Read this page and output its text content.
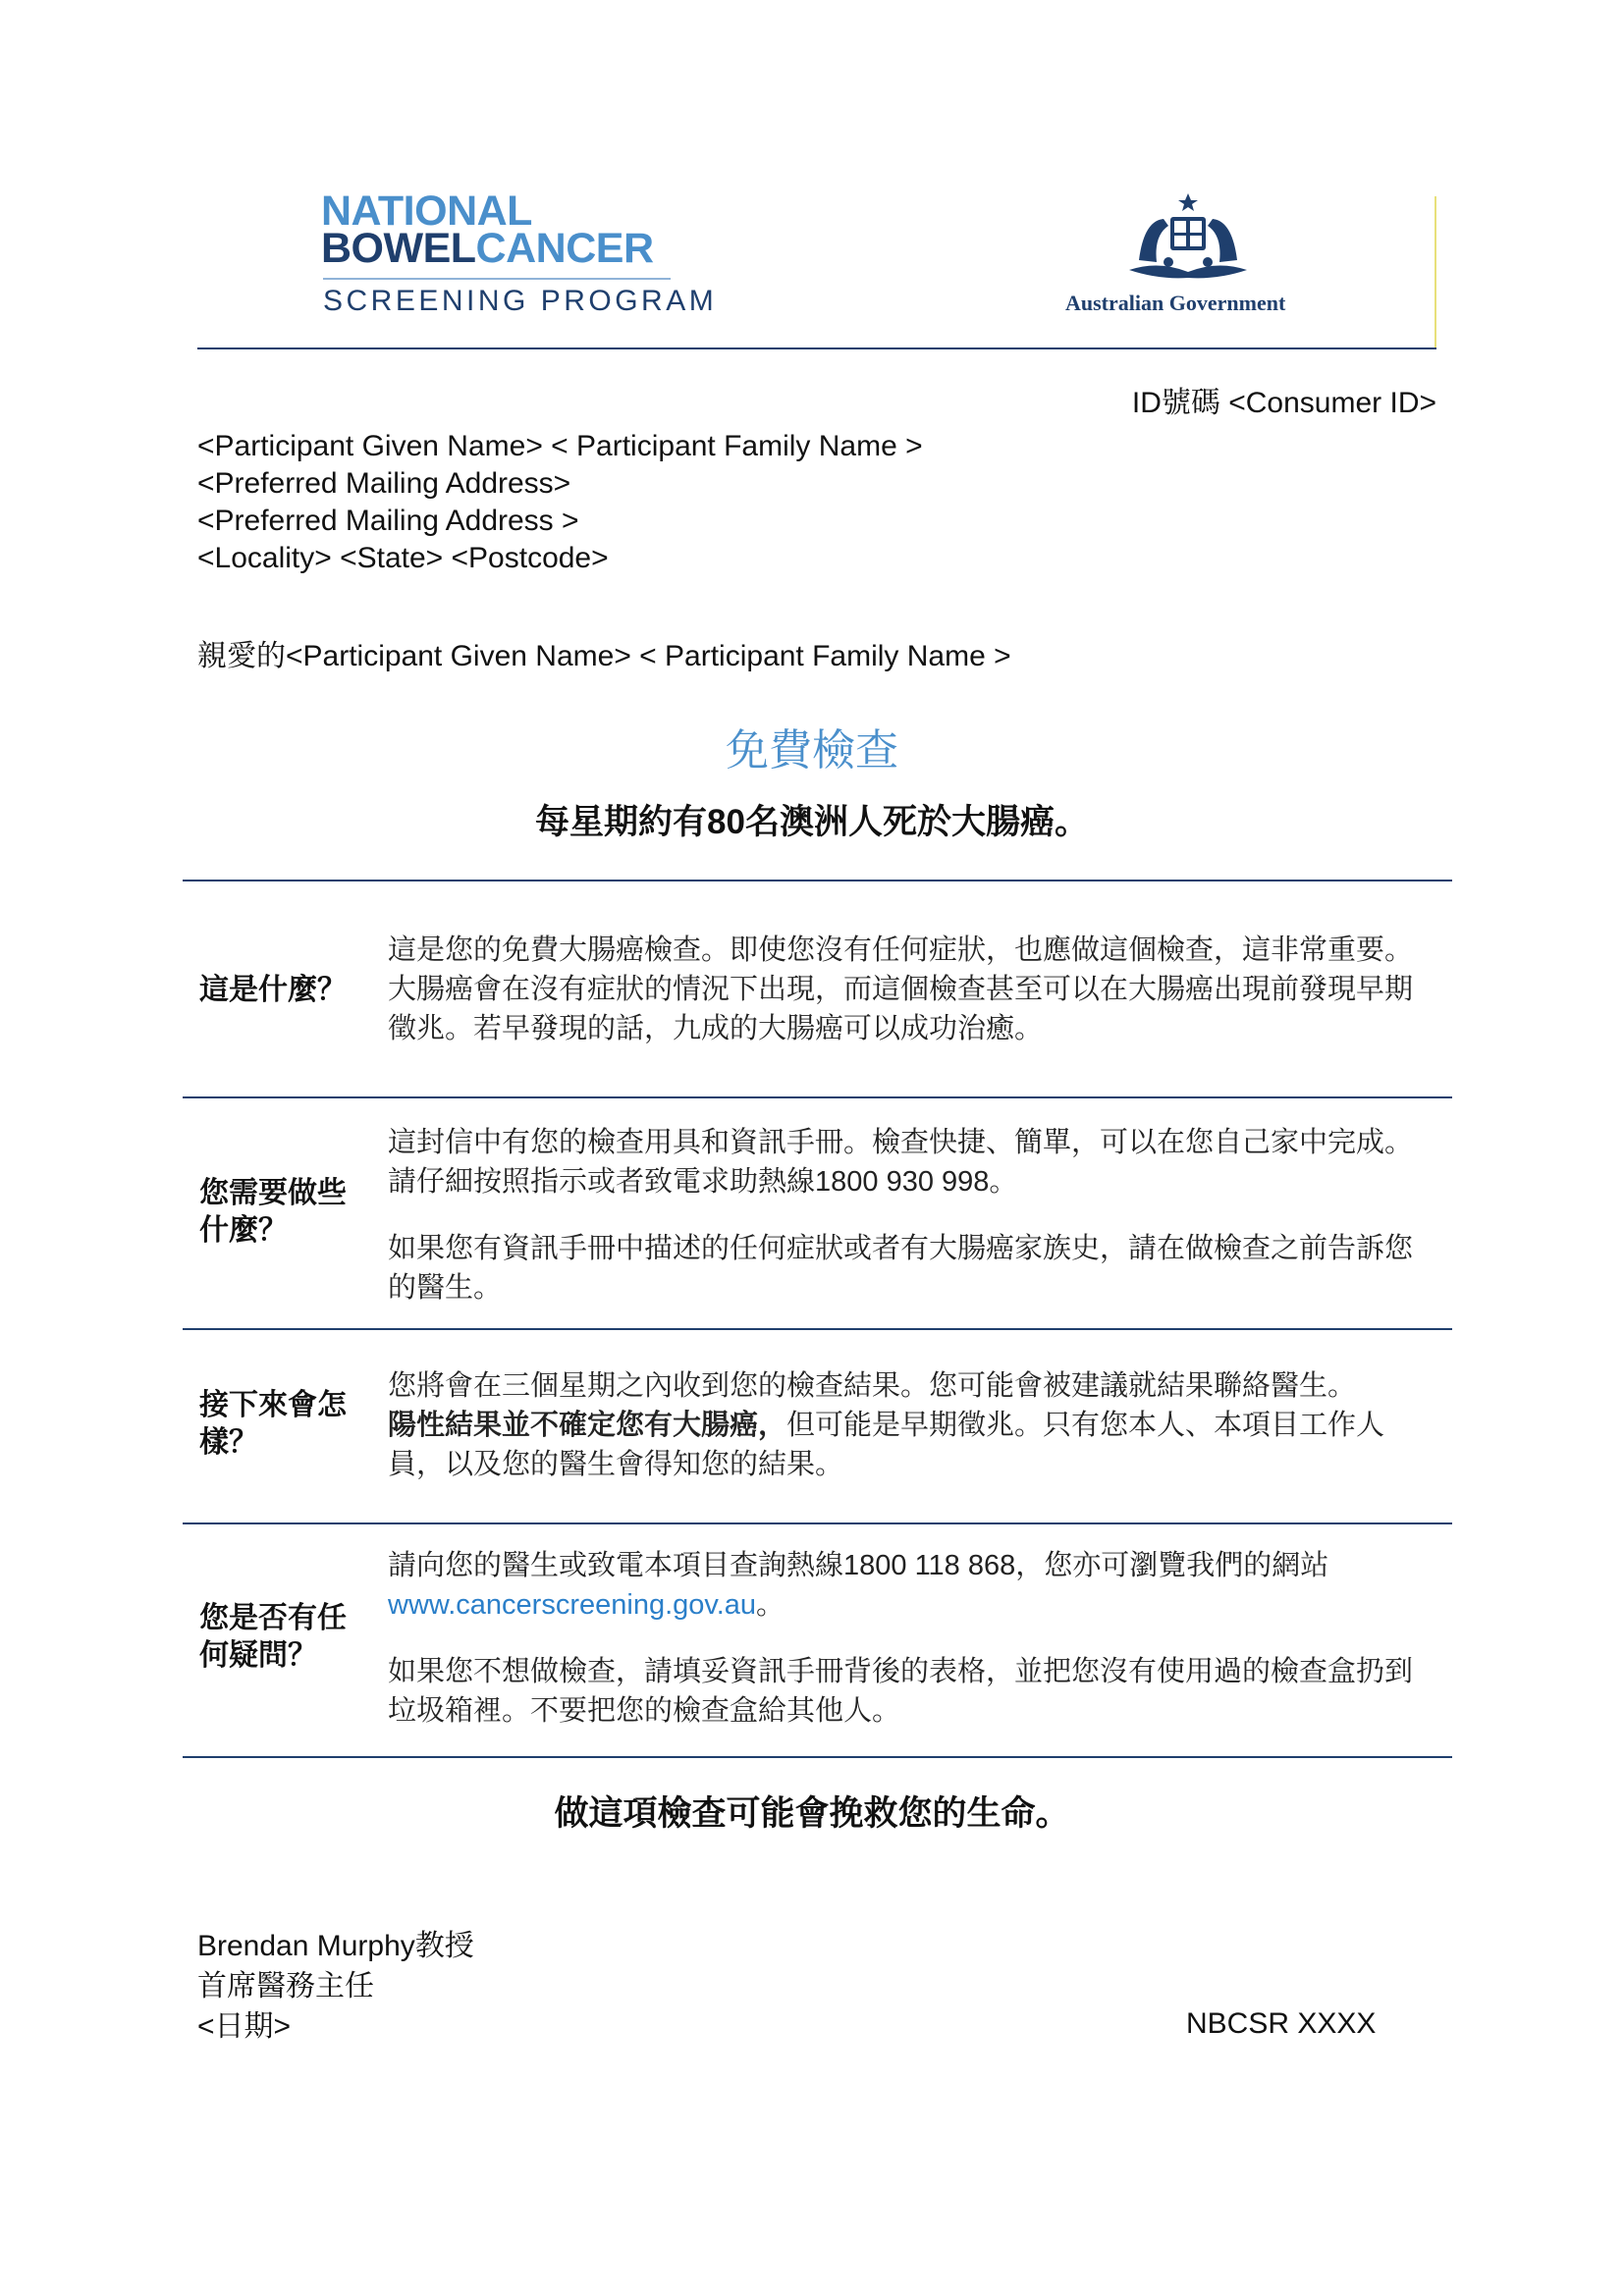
NATIONAL
BOWELCANCER
SCREENING PROGRAM	Australian Government
ID號碼 <Consumer ID>
<Participant Given Name> < Participant Family Name >
<Preferred Mailing Address>
<Preferred Mailing Address >
<Locality> <State> <Postcode>
親愛的<Participant Given Name> < Participant Family Name >
免費檢查
每星期約有80名澳洲人死於大腸癌。
這是什麼？

這是您的免費大腸癌檢查。即使您沒有任何症狀，也應做這個檢查，這非常重要。大腸癌會在沒有症狀的情況下出現，而這個檢查甚至可以在大腸癌出現前發現早期徵兆。若早發現的話，九成的大腸癌可以成功治癒。

您需要做些什麼？

這封信中有您的檢查用具和資訊手冊。檢查快捷、簡單，可以在您自己家中完成。請仔細按照指示或者致電求助熱線1800 930 998。

如果您有資訊手冊中描述的任何症狀或者有大腸癌家族史，請在做檢查之前告訴您的醫生。

接下來會怎樣？

您將會在三個星期之內收到您的檢查結果。您可能會被建議就結果聯絡醫生。

陽性結果並不確定您有大腸癌，但可能是早期徵兆。只有您本人、本項目工作人員，以及您的醫生會得知您的結果。

您是否有任何疑問？

請向您的醫生或致電本項目查詢熱線1800 118 868，您亦可瀏覽我們的網站
www.cancerscreening.gov.au。

如果您不想做檢查，請填妥資訊手冊背後的表格，並把您沒有使用過的檢查盒扔到垃圾箱裡。不要把您的檢查盒給其他人。

做這項檢查可能會挽救您的生命。
Brendan Murphy教授
首席醫務主任
<日期>	NBCSR XXXX
